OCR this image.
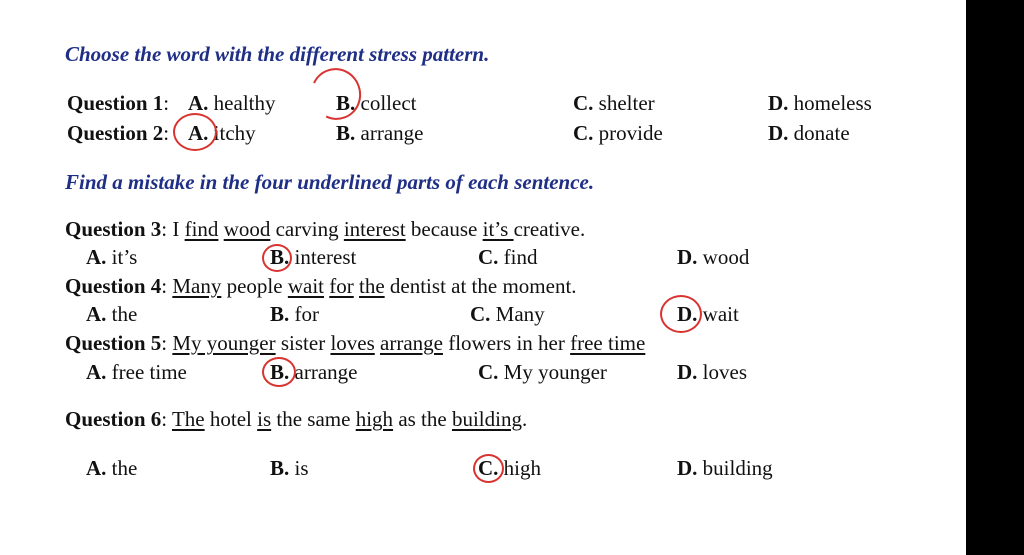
Choose the word with the different stress pattern.
Question 1: A. healthy	B. collect	C. shelter	D. homeless
Question 2: A. itchy	B. arrange	C. provide	D. donate
Find a mistake in the four underlined parts of each sentence.
Question 3: I find wood carving interest because it’s creative.
A. it’s	B. interest	C. find	D. wood
Question 4: Many people wait for the dentist at the moment.
A. the	B. for	C. Many	D. wait
Question 5: My younger sister loves arrange flowers in her free time
A. free time	B. arrange	C. My younger	D. loves
Question 6: The hotel is the same high as the building.
A. the	B. is	C. high	D. building
